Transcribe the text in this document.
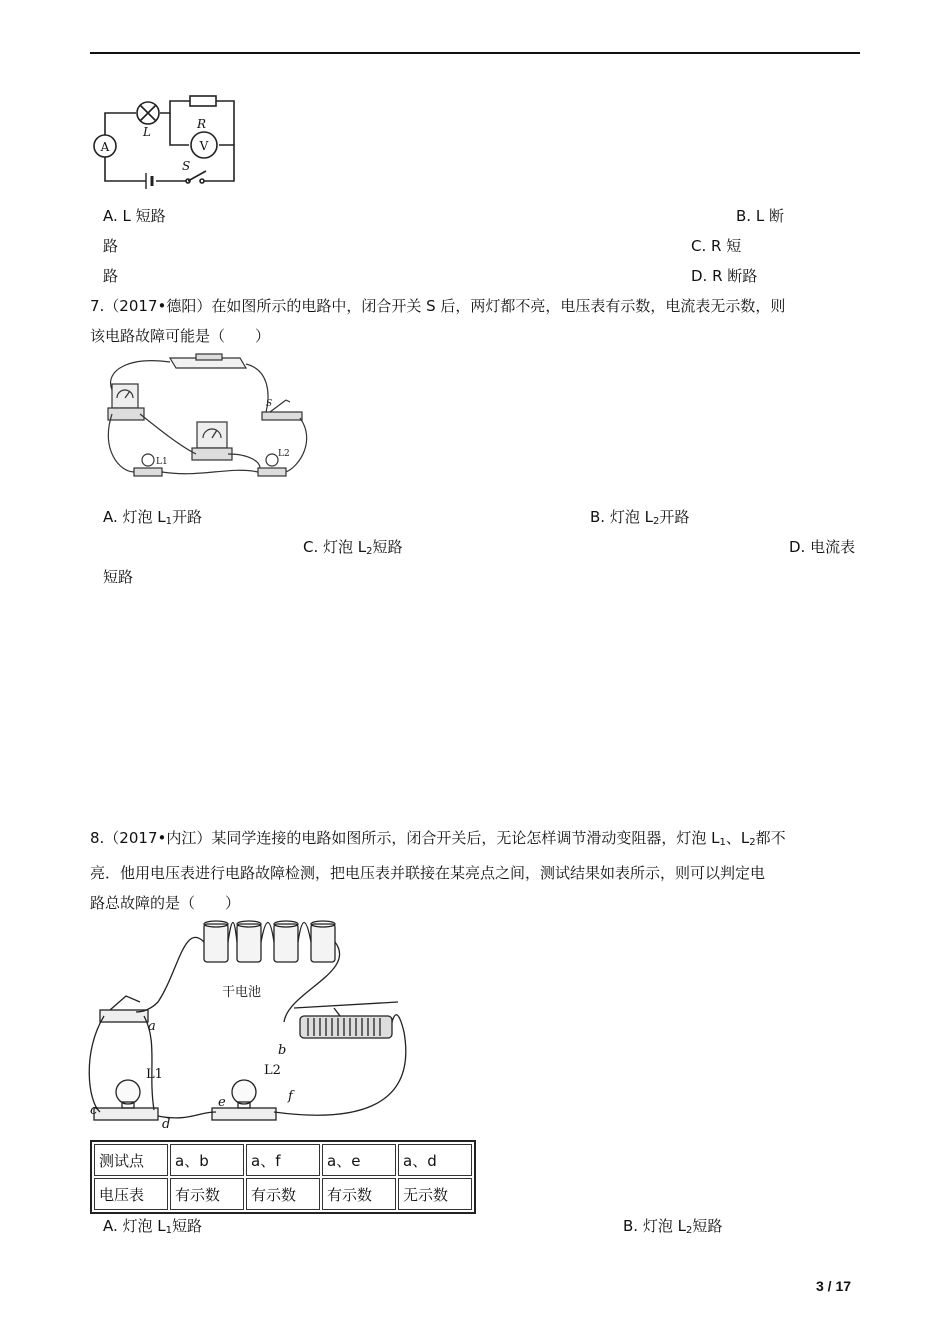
A	V
L
R
S
A. L 短路	B. L 断
路	C. R 短
路	D. R 断路
7.（2017•德阳）在如图所示的电路中，闭合开关 S 后，两灯都不亮，电压表有示数，电流表无示数，则
该电路故障可能是（　　）
S
L1
L2
A. 灯泡 $L_1$开路	B. 灯泡 $L_2$开路
C. 灯泡 $L_2$短路	D. 电流表
短路
8.（2017•内江）某同学连接的电路如图所示，闭合开关后，无论怎样调节滑动变阻器，灯泡 $L_1$、$L_2$都不
亮．他用电压表进行电路故障检测，把电压表并联接在某亮点之间，测试结果如表所示，则可以判定电
路总故障的是（　　）
干电池
a
b
c
d
e	f
L1	L2
测试点	a、b	a、f	a、e	a、d
电压表	有示数	有示数	有示数	无示数
A. 灯泡 $L_1$短路	B. 灯泡 $L_2$短路
3 / 17
